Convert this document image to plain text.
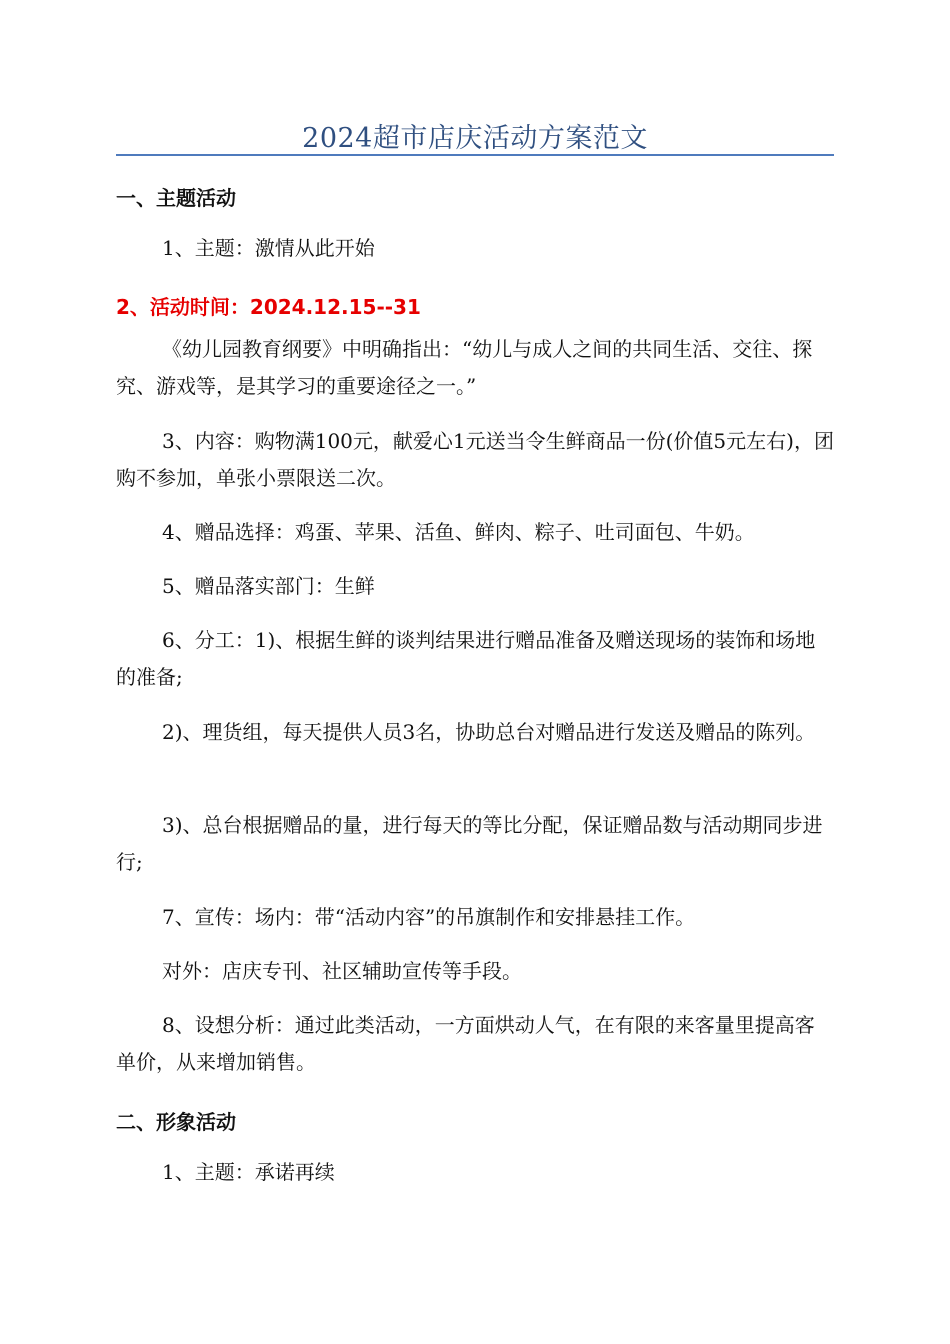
2024超市店庆活动方案范文
一、主题活动
1、主题：激情从此开始
2、活动时间：2024.12.15--31
《幼儿园教育纲要》中明确指出：“幼儿与成人之间的共同生活、交往、探究、游戏等，是其学习的重要途径之一。”
3、内容：购物满100元，献爱心1元送当令生鲜商品一份(价值5元左右)，团购不参加，单张小票限送二次。
4、赠品选择：鸡蛋、苹果、活鱼、鲜肉、粽子、吐司面包、牛奶。
5、赠品落实部门：生鲜
6、分工：1)、根据生鲜的谈判结果进行赠品准备及赠送现场的装饰和场地的准备;
2)、理货组，每天提供人员3名，协助总台对赠品进行发送及赠品的陈列。
3)、总台根据赠品的量，进行每天的等比分配，保证赠品数与活动期同步进行;
7、宣传：场内：带“活动内容”的吊旗制作和安排悬挂工作。
对外：店庆专刊、社区辅助宣传等手段。
8、设想分析：通过此类活动，一方面烘动人气，在有限的来客量里提高客单价，从来增加销售。
二、形象活动
1、主题：承诺再续
